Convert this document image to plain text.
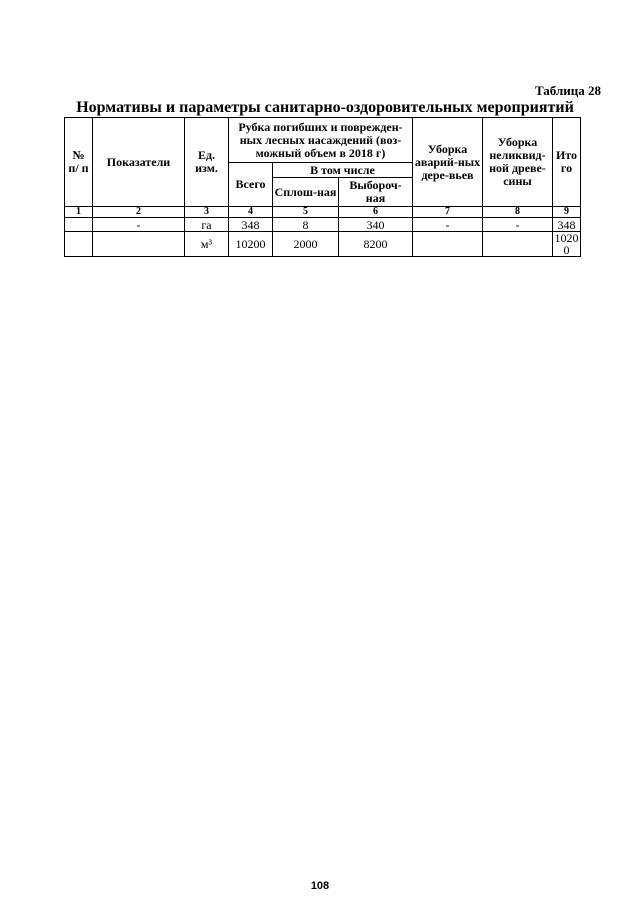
Таблица 28
Нормативы и параметры санитарно-оздоровительных мероприятий
№ п/ п	Показатели	Ед. изм.	Рубка погибших и поврежден-ных лесных насаждений (воз-можный объем в 2018 г)			Уборка аварий-ных дере-вьев	Уборка неликвид-ной древе-сины	Итого
			Всего	В том числе				
				Сплош-ная	Выбороч-ная			
1	2	3	4	5	6	7	8	9
	-	га	348	8	340	-	-	348
		м³	10200	2000	8200			10200
108
